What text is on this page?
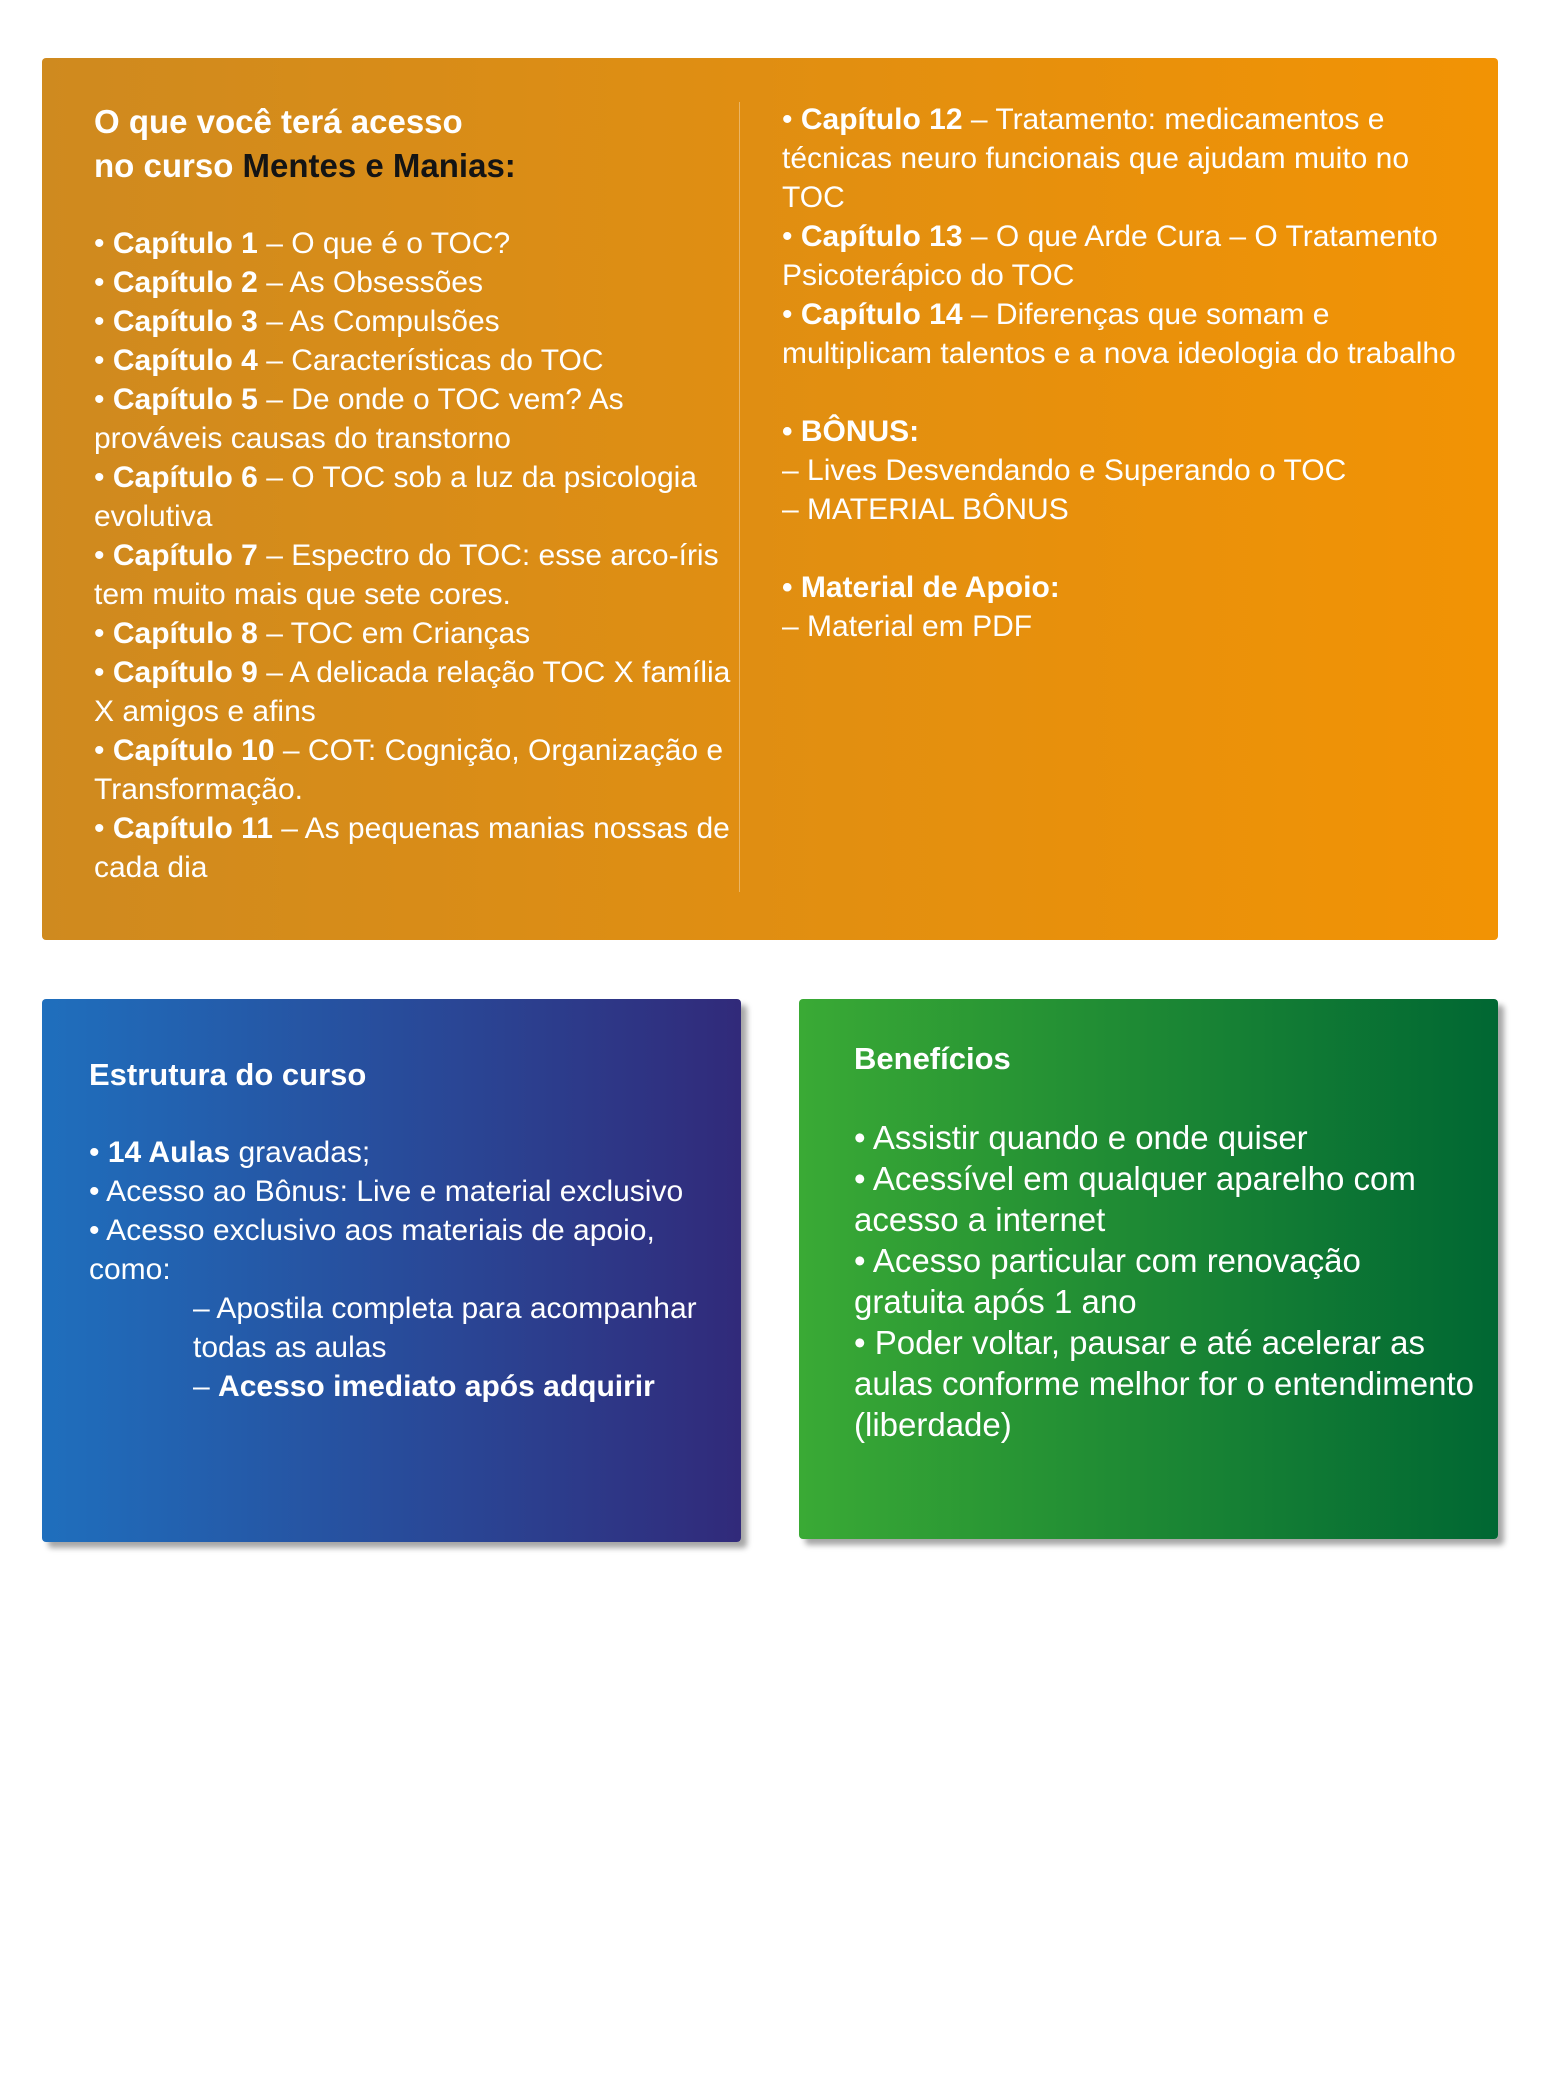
O que você terá acesso
no curso Mentes e Manias:
• Capítulo 1 – O que é o TOC?
• Capítulo 2 – As Obsessões
• Capítulo 3 – As Compulsões
• Capítulo 4 – Características do TOC
• Capítulo 5 – De onde o TOC vem? As prováveis causas do transtorno
• Capítulo 6 – O TOC sob a luz da psicologia evolutiva
• Capítulo 7 – Espectro do TOC: esse arco-íris tem muito mais que sete cores.
• Capítulo 8 – TOC em Crianças
• Capítulo 9 – A delicada relação TOC X família X amigos e afins
• Capítulo 10 – COT: Cognição, Organização e Transformação.
• Capítulo 11 – As pequenas manias nossas de cada dia
• Capítulo 12 – Tratamento: medicamentos e técnicas neuro funcionais que ajudam muito no TOC
• Capítulo 13 – O que Arde Cura – O Tratamento Psicoterápico do TOC
• Capítulo 14 – Diferenças que somam e multiplicam talentos e a nova ideologia do trabalho
• BÔNUS:
– Lives Desvendando e Superando o TOC
– MATERIAL BÔNUS
• Material de Apoio:
– Material em PDF
Estrutura do curso
• 14 Aulas gravadas;
• Acesso ao Bônus: Live e material exclusivo
• Acesso exclusivo aos materiais de apoio, como:
– Apostila completa para acompanhar todas as aulas
– Acesso imediato após adquirir
Benefícios
• Assistir quando e onde quiser
• Acessível em qualquer aparelho com acesso a internet
• Acesso particular com renovação gratuita após 1 ano
• Poder voltar, pausar e até acelerar as aulas conforme melhor for o entendimento (liberdade)
